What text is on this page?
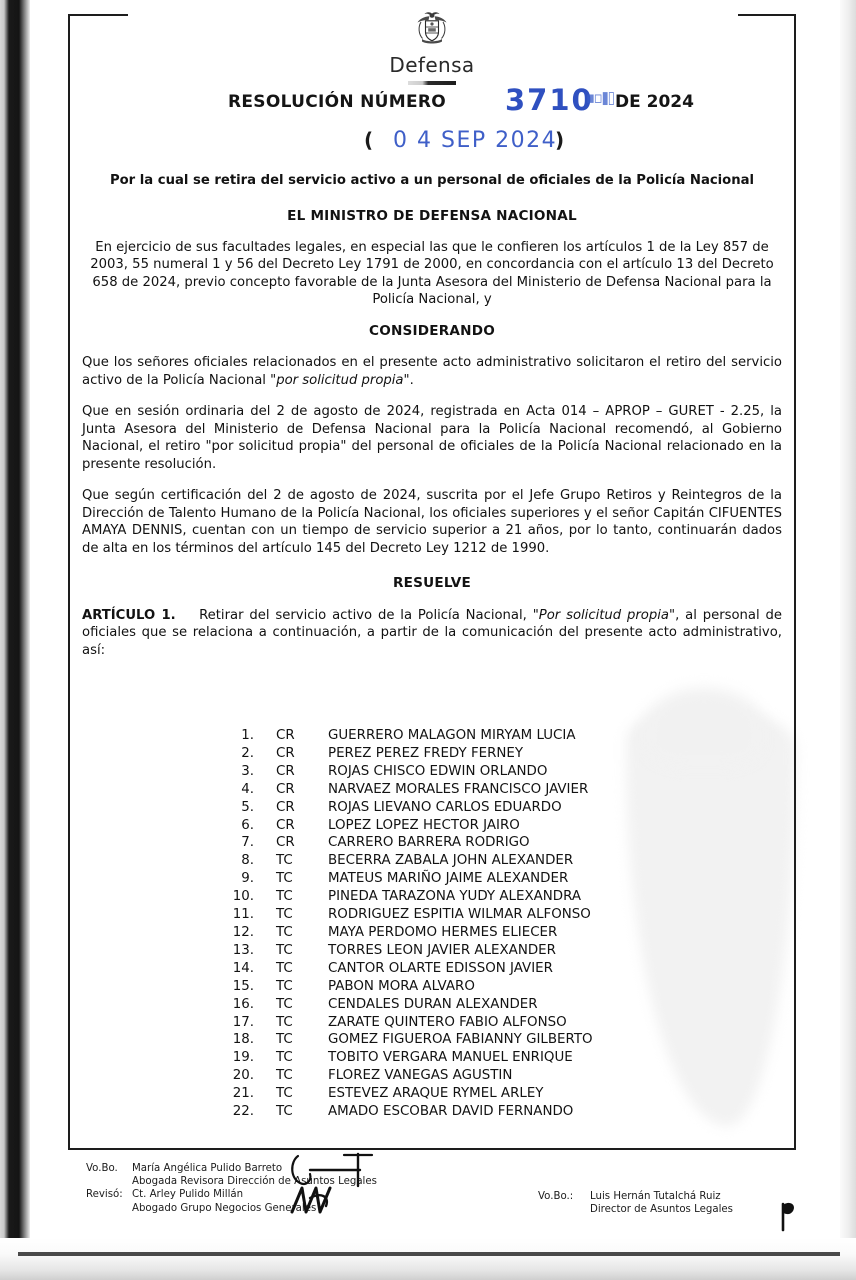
Defensa
RESOLUCIÓN NÚMERO 3710
▪▫▮▯ DE 2024
( 0 4 SEP 2024
)
Por la cual se retira del servicio activo a un personal de oficiales de la Policía Nacional
EL MINISTRO DE DEFENSA NACIONAL
En ejercicio de sus facultades legales, en especial las que le confieren los artículos 1 de la Ley 857 de 2003, 55 numeral 1 y 56 del Decreto Ley 1791 de 2000, en concordancia con el artículo 13 del Decreto 658 de 2024, previo concepto favorable de la Junta Asesora del Ministerio de Defensa Nacional para la Policía Nacional, y
CONSIDERANDO
Que los señores oficiales relacionados en el presente acto administrativo solicitaron el retiro del servicio activo de la Policía Nacional "por solicitud propia".
Que en sesión ordinaria del 2 de agosto de 2024, registrada en Acta 014 – APROP – GURET - 2.25, la Junta Asesora del Ministerio de Defensa Nacional para la Policía Nacional recomendó, al Gobierno Nacional, el retiro "por solicitud propia" del personal de oficiales de la Policía Nacional relacionado en la presente resolución.
Que según certificación del 2 de agosto de 2024, suscrita por el Jefe Grupo Retiros y Reintegros de la Dirección de Talento Humano de la Policía Nacional, los oficiales superiores y el señor Capitán CIFUENTES AMAYA DENNIS, cuentan con un tiempo de servicio superior a 21 años, por lo tanto, continuarán dados de alta en los términos del artículo 145 del Decreto Ley 1212 de 1990.
RESUELVE
ARTÍCULO 1. Retirar del servicio activo de la Policía Nacional, "Por solicitud propia", al personal de oficiales que se relaciona a continuación, a partir de la comunicación del presente acto administrativo, así:
1.	CR	GUERRERO MALAGON MIRYAM LUCIA
2.	CR	PEREZ PEREZ FREDY FERNEY
3.	CR	ROJAS CHISCO EDWIN ORLANDO
4.	CR	NARVAEZ MORALES FRANCISCO JAVIER
5.	CR	ROJAS LIEVANO CARLOS EDUARDO
6.	CR	LOPEZ LOPEZ HECTOR JAIRO
7.	CR	CARRERO BARRERA RODRIGO
8.	TC	BECERRA ZABALA JOHN ALEXANDER
9.	TC	MATEUS MARIÑO JAIME ALEXANDER
10.	TC	PINEDA TARAZONA YUDY ALEXANDRA
11.	TC	RODRIGUEZ ESPITIA WILMAR ALFONSO
12.	TC	MAYA PERDOMO HERMES ELIECER
13.	TC	TORRES LEON JAVIER ALEXANDER
14.	TC	CANTOR OLARTE EDISSON JAVIER
15.	TC	PABON MORA ALVARO
16.	TC	CENDALES DURAN ALEXANDER
17.	TC	ZARATE QUINTERO FABIO ALFONSO
18.	TC	GOMEZ FIGUEROA FABIANNY GILBERTO
19.	TC	TOBITO VERGARA MANUEL ENRIQUE
20.	TC	FLOREZ VANEGAS AGUSTIN
21.	TC	ESTEVEZ ARAQUE RYMEL ARLEY
22.	TC	AMADO ESCOBAR DAVID FERNANDO
Vo.Bo.	María Angélica Pulido Barreto
Abogada Revisora Dirección de Asuntos Legales
Revisó: Ct. Arley Pulido Millán
Abogado Grupo Negocios Generales
Vo.Bo.:	Luis Hernán Tutalchá Ruiz
Director de Asuntos Legales
